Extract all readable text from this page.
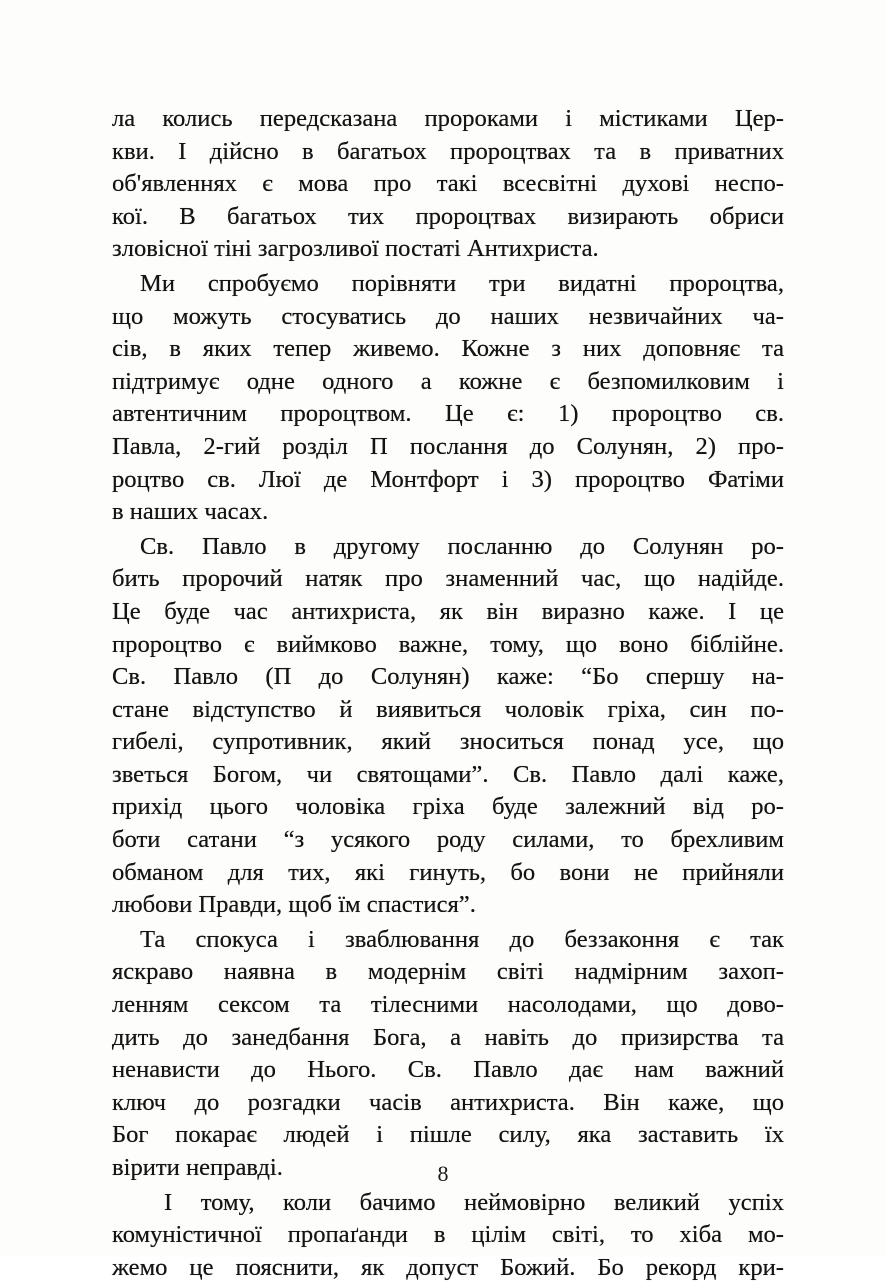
ла колись передсказана пророками і містиками Цер-
кви. І дійсно в багатьох пророцтвах та в приватних
об'явленнях є мова про такі всесвітні духові неспо-
кої. В багатьох тих пророцтвах визирають обриси
зловісної тіні загрозливої постаті Антихриста.
Ми спробуємо порівняти три видатні пророцтва,
що можуть стосуватись до наших незвичайних ча-
сів, в яких тепер живемо. Кожне з них доповняє та
підтримує одне одного а кожне є безпомилковим і
автентичним пророцтвом. Це є: 1) пророцтво св.
Павла, 2-гий розділ П послання до Солунян, 2) про-
роцтво св. Люї де Монтфорт і 3) пророцтво Фатіми
в наших часах.
Св. Павло в другому посланню до Солунян ро-
бить пророчий натяк про знаменний час, що надійде.
Це буде час антихриста, як він виразно каже. І це
пророцтво є виймково важне, тому, що воно біблійне.
Св. Павло (П до Солунян) каже: “Бо спершу на-
стане відступство й виявиться чоловік гріха, син по-
гибелі, супротивник, який зноситься понад усе, що
зветься Богом, чи святощами”. Св. Павло далі каже,
прихід цього чоловіка гріха буде залежний від ро-
боти сатани “з усякого роду силами, то брехливим
обманом для тих, які гинуть, бо вони не прийняли
любови Правди, щоб їм спастися”.
Та спокуса і зваблювання до беззаконня є так
яскраво наявна в модернім світі надмірним захоп-
ленням сексом та тілесними насолодами, що дово-
дить до занедбання Бога, а навіть до призирства та
ненависти до Нього. Св. Павло дає нам важний
ключ до розгадки часів антихриста. Він каже, що
Бог покарає людей і пішле силу, яка заставить їх
вірити неправді.
І тому, коли бачимо неймовірно великий успіх
комуністичної пропаґанди в цілім світі, то хіба мо-
жемо це пояснити, як допуст Божий. Бо рекорд кри-
8
